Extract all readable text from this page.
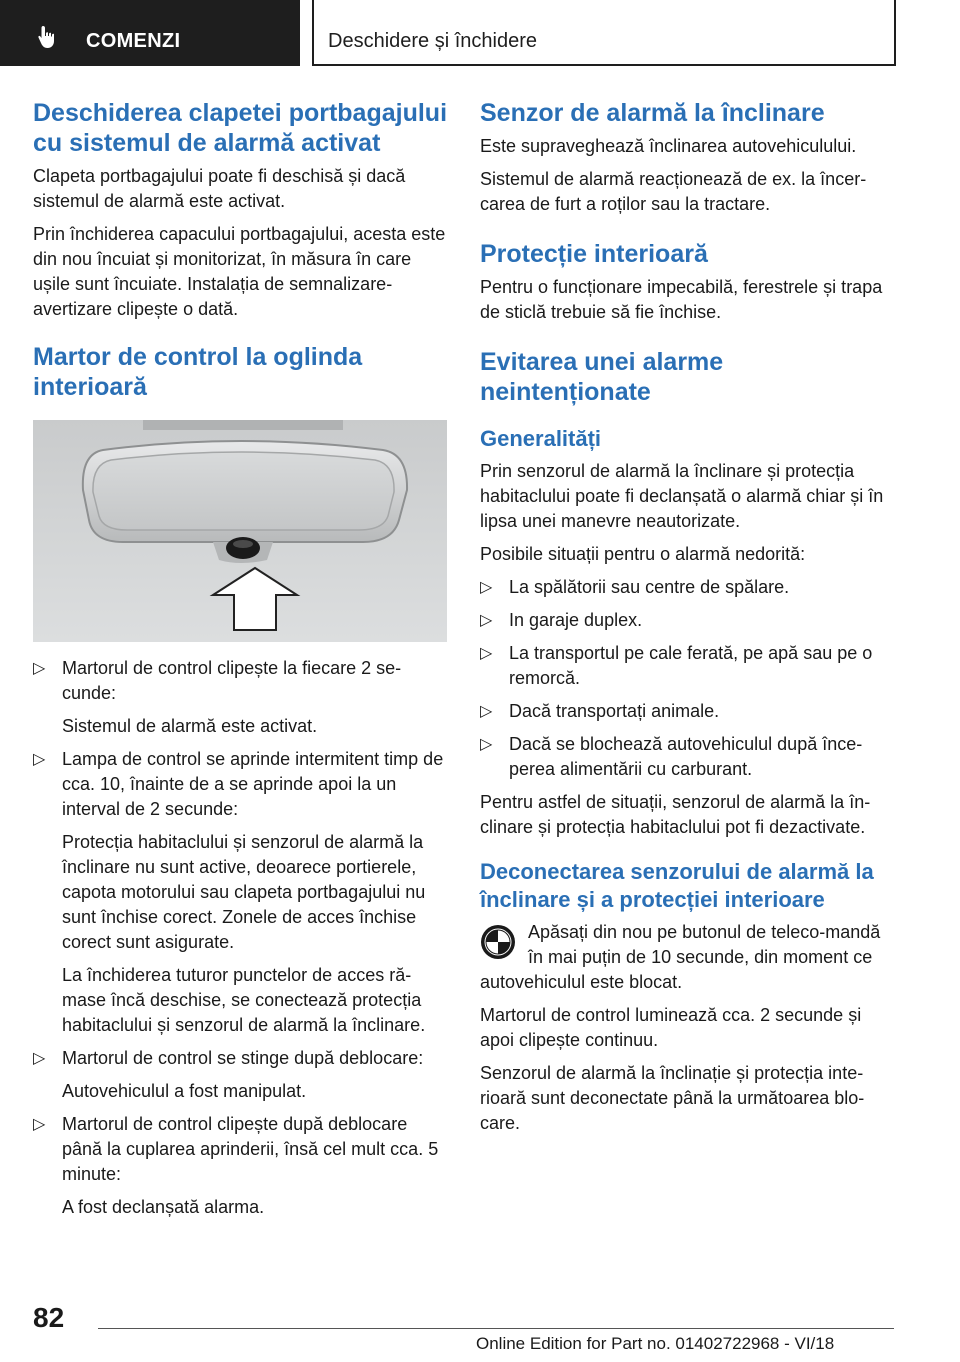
COMENZI	Deschidere și închidere
Deschiderea clapetei portbagajului cu sistemul de alarmă activat

Clapeta portbagajului poate fi deschisă și dacă sistemul de alarmă este activat.

Prin închiderea capacului portbagajului, acesta este din nou încuiat și monitorizat, în măsura în care ușile sunt încuiate. Instalația de semnalizare-avertizare clipește o dată.

Martor de control la oglinda interioară
▷ Martorul de control clipește la fiecare 2 se-cunde:
Sistemul de alarmă este activat.
▷ Lampa de control se aprinde intermitent timp de cca. 10, înainte de a se aprinde apoi la un interval de 2 secunde:
Protecția habitaclului și senzorul de alarmă la înclinare nu sunt active, deoarece portierele, capota motorului sau clapeta portbagajului nu sunt închise corect. Zonele de acces închise corect sunt asigurate.
La închiderea tuturor punctelor de acces ră-mase încă deschise, se conectează protecția habitaclului și senzorul de alarmă la înclinare.
▷ Martorul de control se stinge după deblocare:
Autovehiculul a fost manipulat.
▷ Martorul de control clipește după deblocare până la cuplarea aprinderii, însă cel mult cca. 5 minute:
A fost declanșată alarma.
Senzor de alarmă la înclinare

Este supraveghează înclinarea autovehiculului.

Sistemul de alarmă reacționează de ex. la încer-carea de furt a roților sau la tractare.

Protecție interioară

Pentru o funcționare impecabilă, ferestrele și trapa de sticlă trebuie să fie închise.

Evitarea unei alarme neintenționate
Generalități

Prin senzorul de alarmă la înclinare și protecția habitaclului poate fi declanșată o alarmă chiar și în lipsa unei manevre neautorizate.

Posibile situații pentru o alarmă nedorită:

▷ La spălătorii sau centre de spălare.
▷ In garaje duplex.
▷ La transportul pe cale ferată, pe apă sau pe o remorcă.
▷ Dacă transportați animale.
▷ Dacă se blochează autovehiculul după înce-perea alimentării cu carburant.

Pentru astfel de situații, senzorul de alarmă la în-clinare și protecția habitaclului pot fi dezactivate.

Deconectarea senzorului de alarmă la înclinare și a protecției interioare

Apăsați din nou pe butonul de teleco-mandă în mai puțin de 10 secunde, din moment ce autovehiculul este blocat.

Martorul de control luminează cca. 2 secunde și apoi clipește continuu.

Senzorul de alarmă la înclinație și protecția inte-rioară sunt deconectate până la următoarea blo-care.

82
Online Edition for Part no. 01402722968 - VI/18
